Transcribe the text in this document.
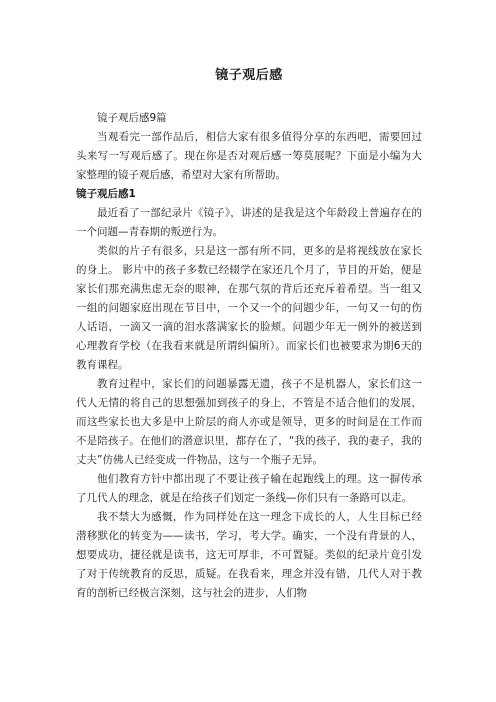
镜子观后感

镜子观后感9篇

当观看完一部作品后，相信大家有很多值得分享的东西吧，需要回过头来写一写观后感了。现在你是否对观后感一筹莫展呢？下面是小编为大家整理的镜子观后感，希望对大家有所帮助。

镜子观后感1

最近看了一部纪录片《镜子》，讲述的是我是这个年龄段上普遍存在的一个问题—青春期的叛逆行为。

类似的片子有很多，只是这一部有所不同，更多的是将视线放在家长的身上。 影片中的孩子多数已经辍学在家还几个月了，节目的开始，便是家长们那充满焦虑无奈的眼神，在那气氛的背后还充斥着希望。当一组又一组的问题家庭出现在节目中，一个又一个的问题少年，一句又一句的伤人话语，一滴又一滴的泪水落满家长的脸颊。问题少年无一例外的被送到心理教育学校（在我看来就是所谓纠偏所）。而家长们也被要求为期6天的教育课程。

教育过程中，家长们的问题暴露无遗，孩子不是机器人，家长们这一代人无情的将自己的思想强加到孩子的身上，不管是不适合他们的发展，而这些家长也大多是中上阶层的商人亦或是领导，更多的时间是在工作而不是陪孩子。在他们的潜意识里，都存在了，“我的孩子，我的妻子，我的丈夫”仿佛人已经变成一件物品，这与一个瓶子无异。

他们教育方针中都出现了不要让孩子输在起跑线上的理。这一摒传承了几代人的理念，就是在给孩子们划定一条线—你们只有一条路可以走。

我不禁大为感慨，作为同样处在这一理念下成长的人，人生目标已经潜移默化的转变为——读书，学习，考大学。确实，一个没有背景的人，想要成功，捷径就是读书，这无可厚非，不可置疑。类似的纪录片竟引发了对于传统教育的反思，质疑。在我看来，理念并没有错，几代人对于教育的剖析已经极言深刻，这与社会的进步，人们物
